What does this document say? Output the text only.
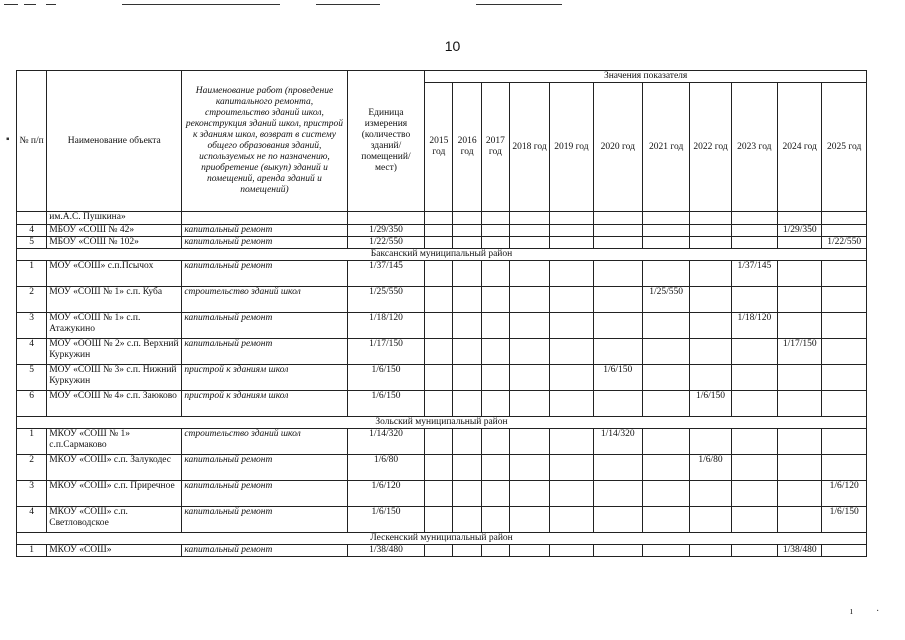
10
▪
ı ·
№ п/п	Наименование объекта	Наименование работ (проведение капитального ремонта, строительство зданий школ, реконструкция зданий школ, пристрой к зданиям школ, возврат в систему общего образования зданий, используемых не по назначению, приобретение (выкуп) зданий и помещений, аренда зданий и помещений)	Единица измерения (количество зданий/ помещений/ мест)	Значения показателя										
				2015 год	2016 год	2017 год	2018 год	2019 год	2020 год	2021 год	2022 год	2023 год	2024 год	2025 год
	им.А.С. Пушкина»													
4	МБОУ «СОШ № 42»	капитальный ремонт	1/29/350										1/29/350	
5	МБОУ «СОШ № 102»	капитальный ремонт	1/22/550											1/22/550
Баксанский муниципальный район														
1	МОУ «СОШ» с.п.Псычох	капитальный ремонт	1/37/145									1/37/145		
2	МОУ «СОШ № 1» с.п. Куба	строительство зданий школ	1/25/550							1/25/550				
3	МОУ «СОШ № 1» с.п. Атажукино	капитальный ремонт	1/18/120									1/18/120		
4	МОУ «ООШ № 2» с.п. Верхний Куркужин	капитальный ремонт	1/17/150										1/17/150	
5	МОУ «СОШ № 3» с.п. Нижний Куркужин	пристрой к зданиям школ	1/6/150						1/6/150					
6	МОУ «СОШ № 4» с.п. Заюково	пристрой к зданиям школ	1/6/150								1/6/150			
Зольский муниципальный район														
1	МКОУ «СОШ № 1» с.п.Сармаково	строительство зданий школ	1/14/320						1/14/320					
2	МКОУ «СОШ» с.п. Залукодес	капитальный ремонт	1/6/80								1/6/80			
3	МКОУ «СОШ» с.п. Приречное	капитальный ремонт	1/6/120											1/6/120
4	МКОУ «СОШ» с.п. Светловодское	капитальный ремонт	1/6/150											1/6/150
Лескенский муниципальный район														
1	МКОУ «СОШ»	капитальный ремонт	1/38/480										1/38/480	
